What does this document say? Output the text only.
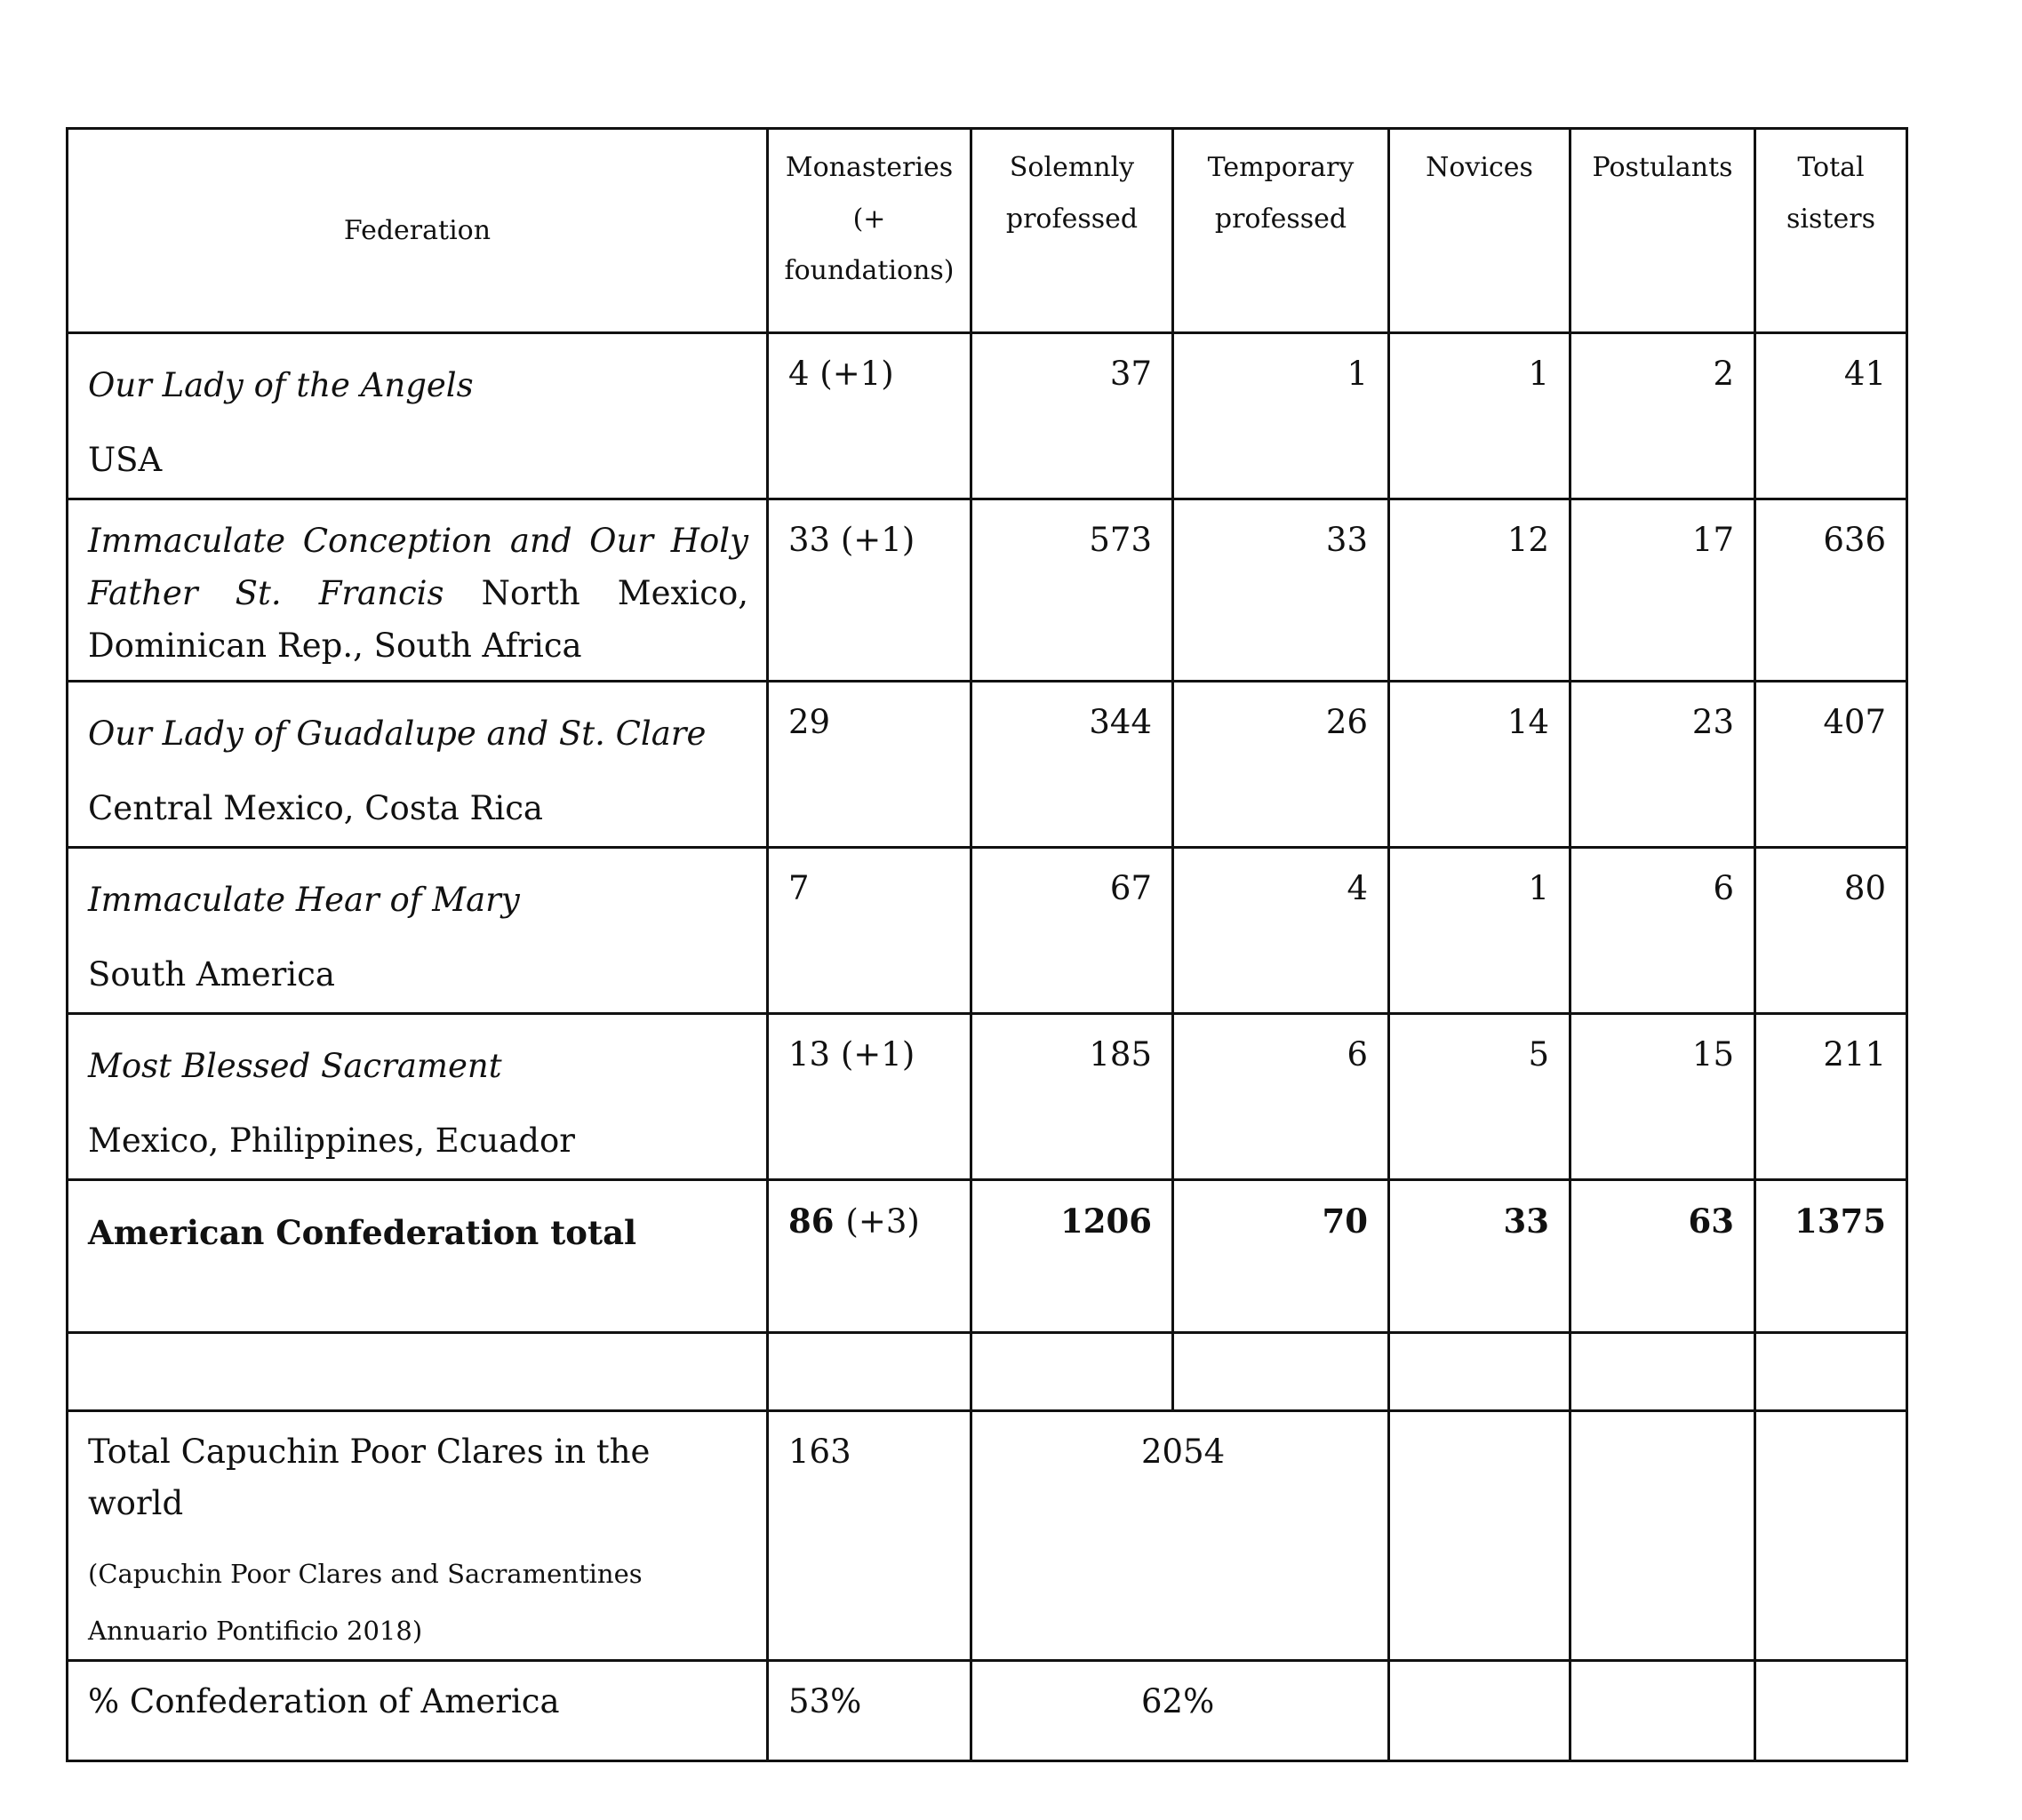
Federation	Monasteries
(+
foundations)	Solemnly
professed	Temporary
professed	Novices	Postulants	Total
sisters

Our Lady of the Angels
USA	4 (+1)	37	1	1	2	41
Immaculate Conception and Our Holy Father St. Francis North Mexico, Dominican Rep., South Africa	33 (+1)	573	33	12	17	636

Our Lady of Guadalupe and St. Clare
Central Mexico, Costa Rica	29	344	26	14	23	407

Immaculate Hear of Mary
South America	7	67	4	1	6	80

Most Blessed Sacrament
Mexico, Philippines, Ecuador	13 (+1)	185	6	5	15	211

American Confederation total	86 (+3)	1206	70	33	63	1375

Total Capuchin Poor Clares in the world
(Capuchin Poor Clares and Sacramentines
Annuario Pontificio 2018)	163	2054				

% Confederation of America	53%	62%				
